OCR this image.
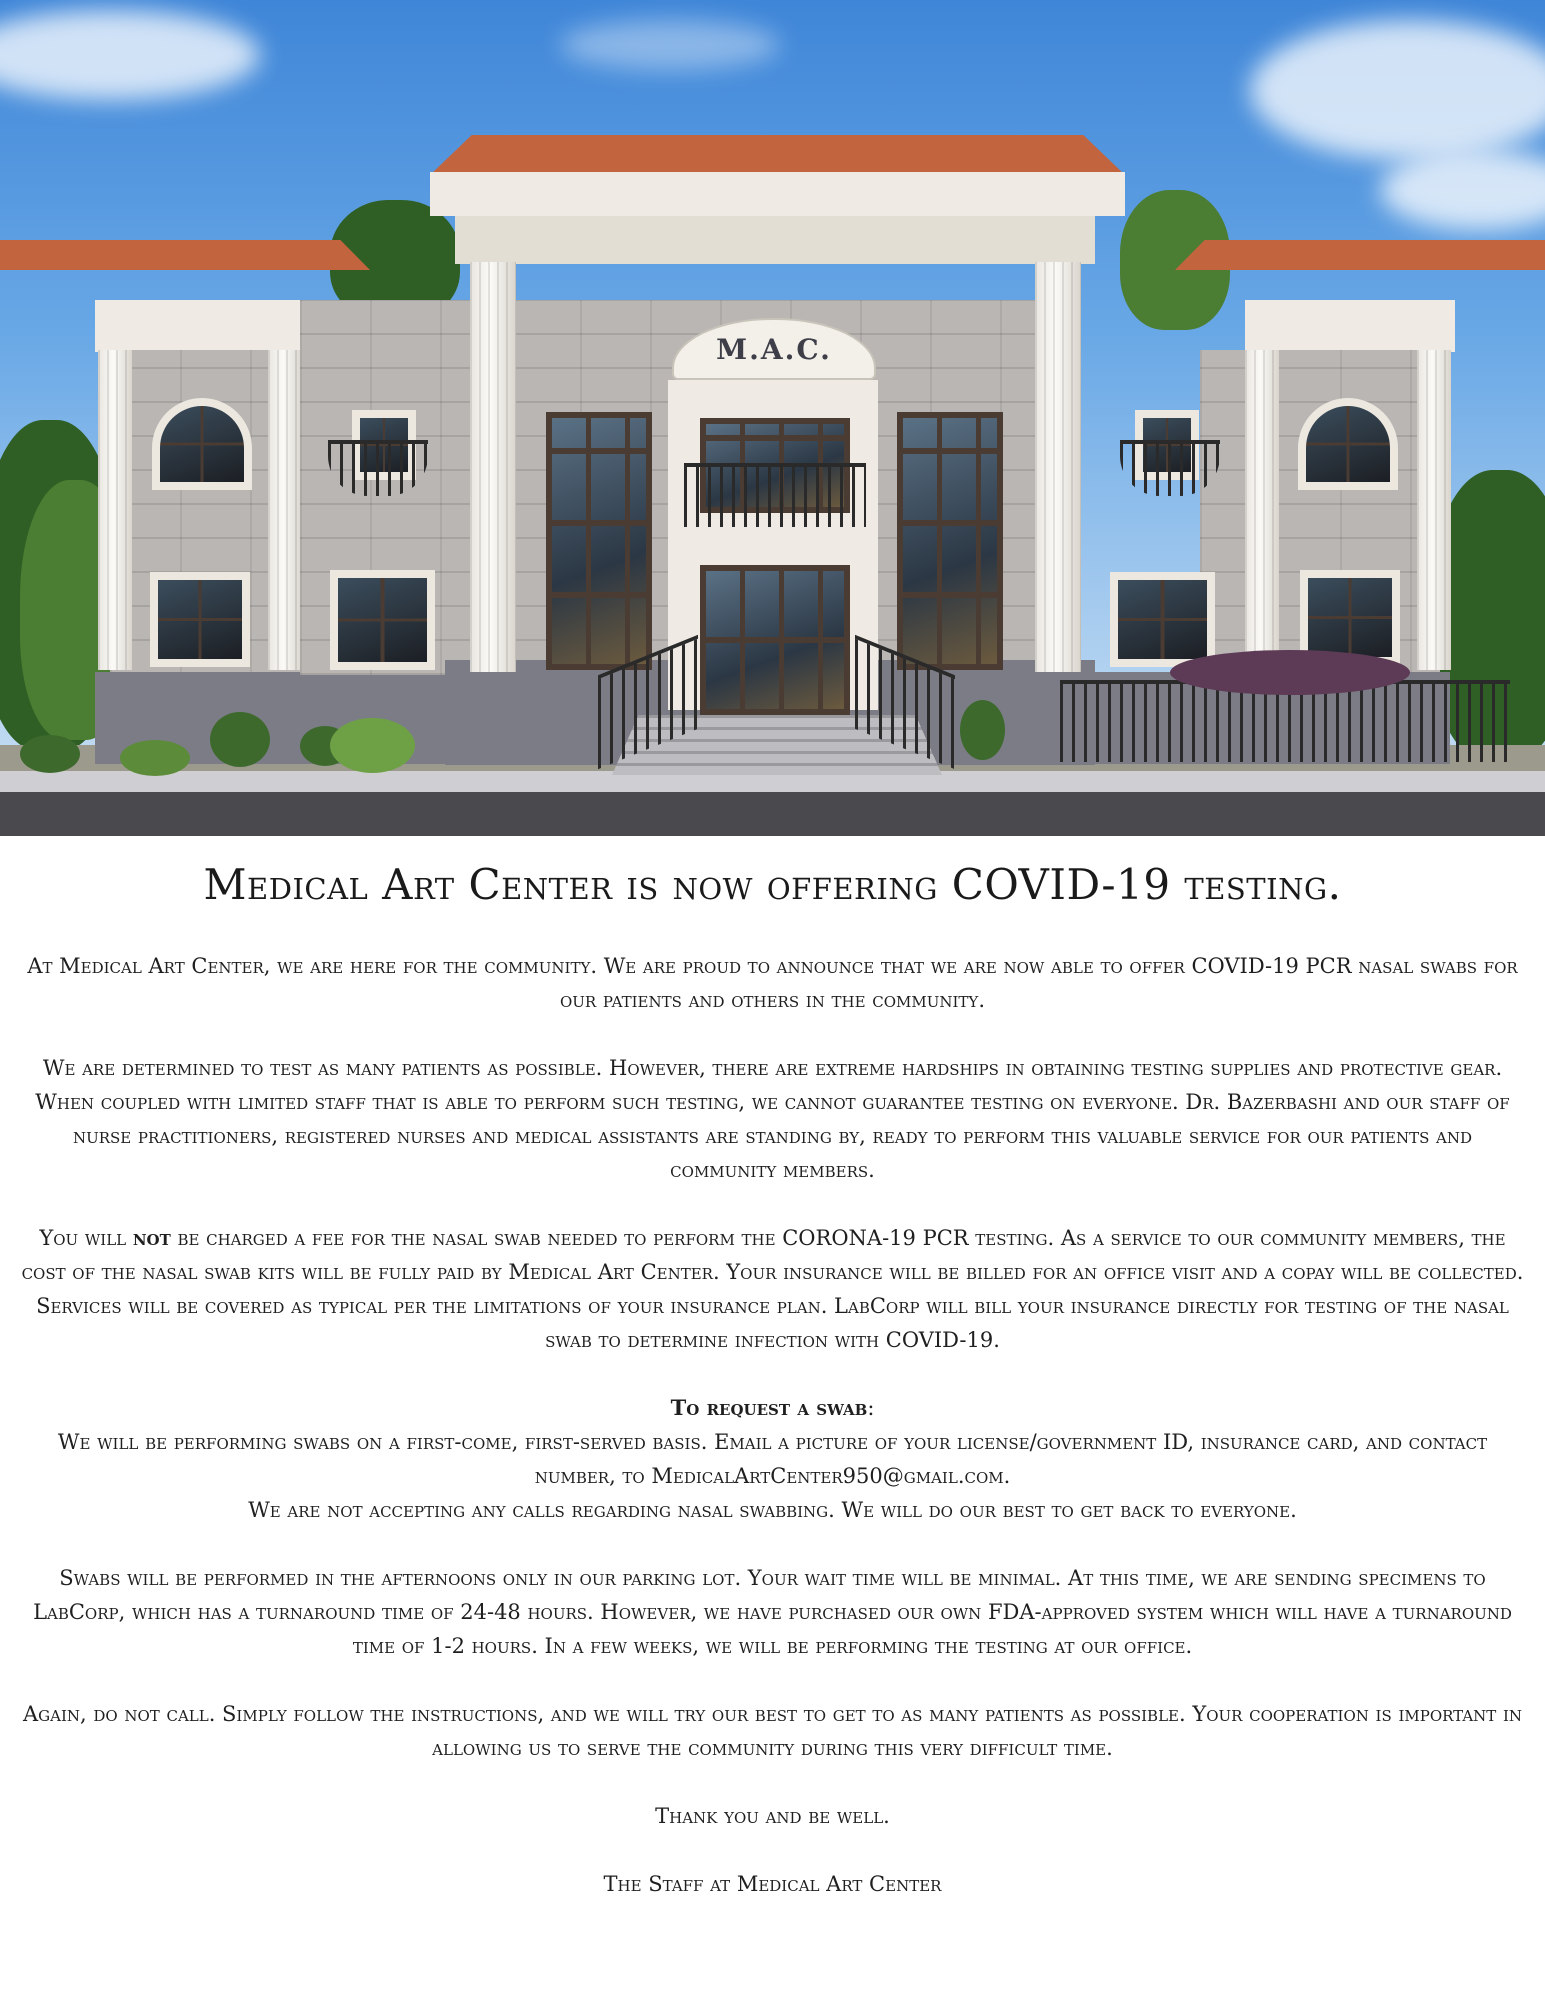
M.A.C.
Medical Art Center is now offering COVID-19 testing.

At Medical Art Center, we are here for the community. We are proud to announce that we are now able to offer COVID-19 PCR nasal swabs for our patients and others in the community.

We are determined to test as many patients as possible. However, there are extreme hardships in obtaining testing supplies and protective gear. When coupled with limited staff that is able to perform such testing, we cannot guarantee testing on everyone. Dr. Bazerbashi and our staff of nurse practitioners, registered nurses and medical assistants are standing by, ready to perform this valuable service for our patients and community members.

You will not be charged a fee for the nasal swab needed to perform the CORONA-19 PCR testing. As a service to our community members, the cost of the nasal swab kits will be fully paid by Medical Art Center. Your insurance will be billed for an office visit and a copay will be collected. Services will be covered as typical per the limitations of your insurance plan. LabCorp will bill your insurance directly for testing of the nasal swab to determine infection with COVID-19.

To request a swab:
We will be performing swabs on a first-come, first-served basis. Email a picture of your license/government ID, insurance card, and contact number, to MedicalArtCenter950@gmail.com.
We are not accepting any calls regarding nasal swabbing. We will do our best to get back to everyone.

Swabs will be performed in the afternoons only in our parking lot. Your wait time will be minimal. At this time, we are sending specimens to LabCorp, which has a turnaround time of 24-48 hours. However, we have purchased our own FDA-approved system which will have a turnaround time of 1-2 hours. In a few weeks, we will be performing the testing at our office.

Again, do not call. Simply follow the instructions, and we will try our best to get to as many patients as possible. Your cooperation is important in allowing us to serve the community during this very difficult time.

Thank you and be well.

The Staff at Medical Art Center
